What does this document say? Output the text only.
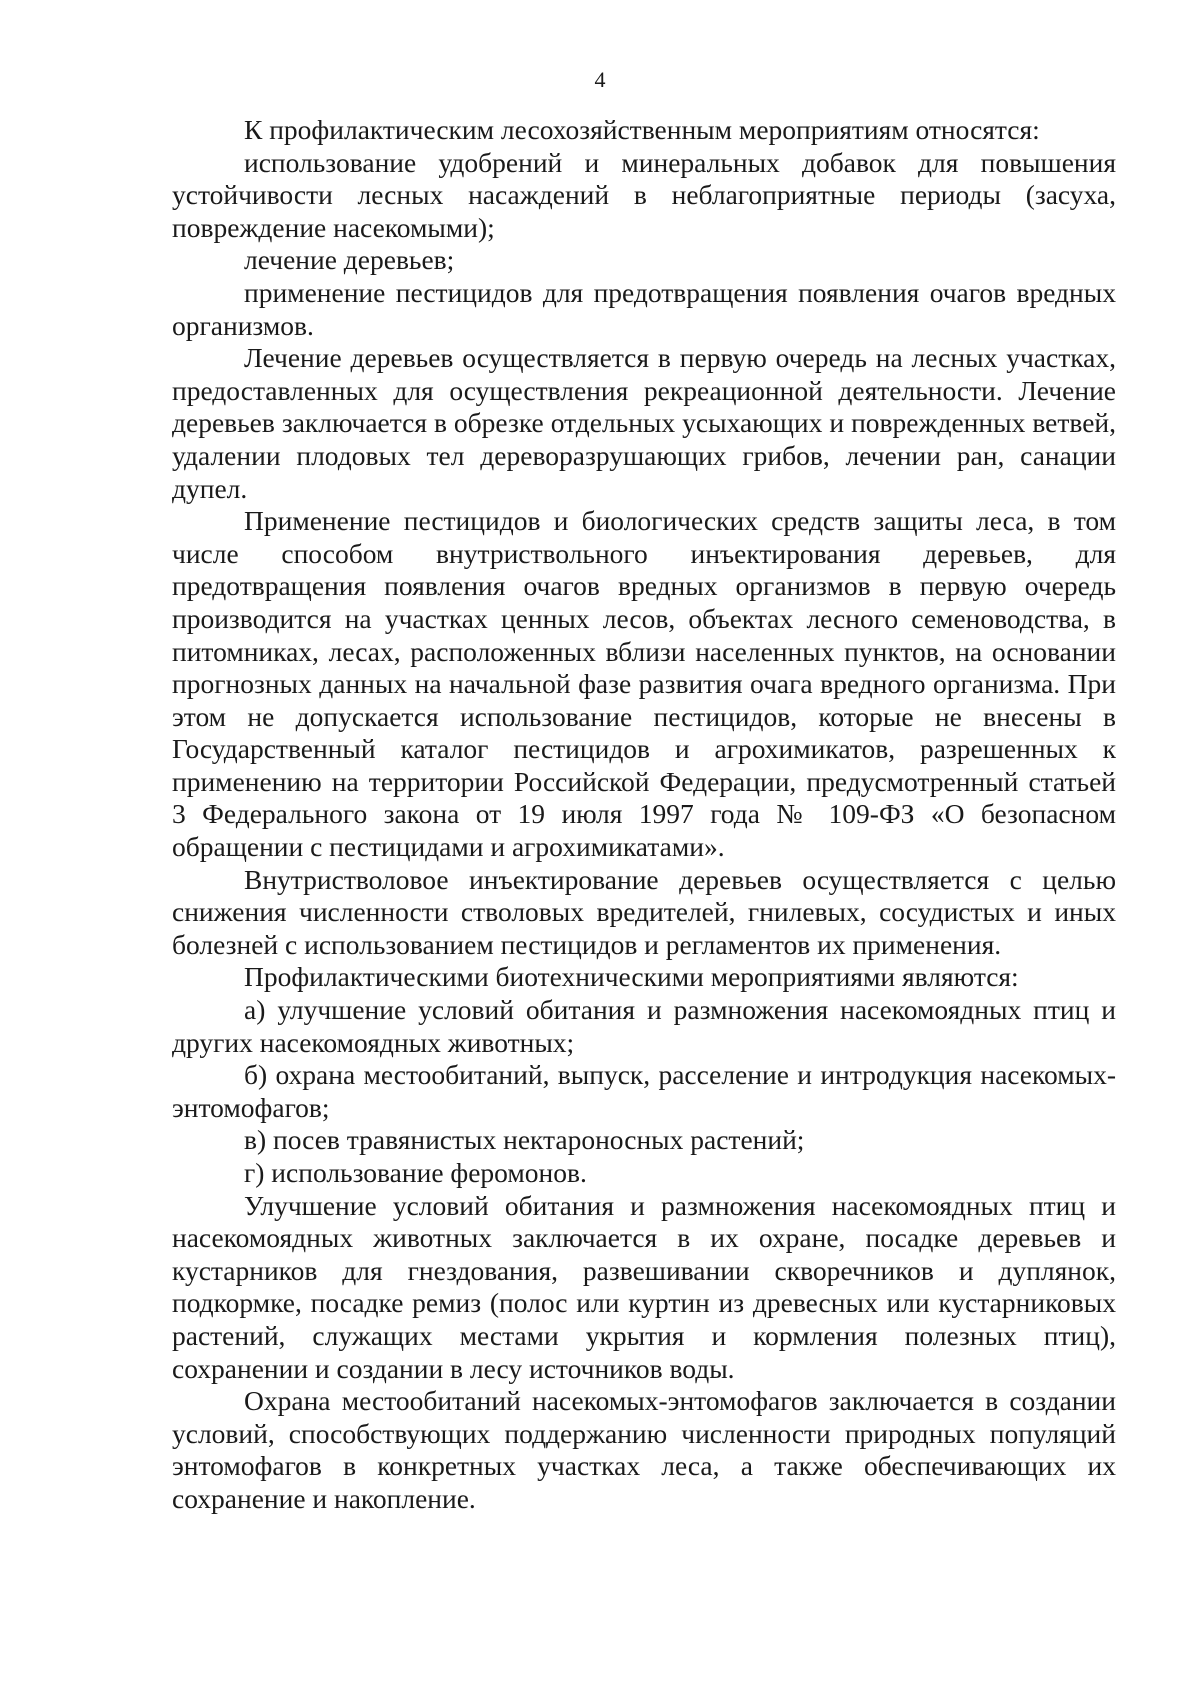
4

К профилактическим лесохозяйственным мероприятиям относятся:

использование удобрений и минеральных добавок для повышения устойчивости лесных насаждений в неблагоприятные периоды (засуха, повреждение насекомыми);

лечение деревьев;

применение пестицидов для предотвращения появления очагов вредных организмов.

Лечение деревьев осуществляется в первую очередь на лесных участках, предоставленных для осуществления рекреационной деятельности. Лечение деревьев заключается в обрезке отдельных усыхающих и поврежденных ветвей, удалении плодовых тел дереворазрушающих грибов, лечении ран, санации дупел.

Применение пестицидов и биологических средств защиты леса, в том числе способом внутриствольного инъектирования деревьев, для предотвращения появления очагов вредных организмов в первую очередь производится на участках ценных лесов, объектах лесного семеноводства, в питомниках, лесах, расположенных вблизи населенных пунктов, на основании прогнозных данных на начальной фазе развития очага вредного организма. При этом не допускается использование пестицидов, которые не внесены в Государственный каталог пестицидов и агрохимикатов, разрешенных к применению на территории Российской Федерации, предусмотренный статьей 3 Федерального закона от 19 июля 1997 года № 109-ФЗ «О безопасном обращении с пестицидами и агрохимикатами».

Внутристволовое инъектирование деревьев осуществляется с целью снижения численности стволовых вредителей, гнилевых, сосудистых и иных болезней с использованием пестицидов и регламентов их применения.

Профилактическими биотехническими мероприятиями являются:

а) улучшение условий обитания и размножения насекомоядных птиц и других насекомоядных животных;

б) охрана местообитаний, выпуск, расселение и интродукция насекомых-энтомофагов;

в) посев травянистых нектароносных растений;

г) использование феромонов.

Улучшение условий обитания и размножения насекомоядных птиц и насекомоядных животных заключается в их охране, посадке деревьев и кустарников для гнездования, развешивании скворечников и дуплянок, подкормке, посадке ремиз (полос или куртин из древесных или кустарниковых растений, служащих местами укрытия и кормления полезных птиц), сохранении и создании в лесу источников воды.

Охрана местообитаний насекомых-энтомофагов заключается в создании условий, способствующих поддержанию численности природных популяций энтомофагов в конкретных участках леса, а также обеспечивающих их сохранение и накопление.
